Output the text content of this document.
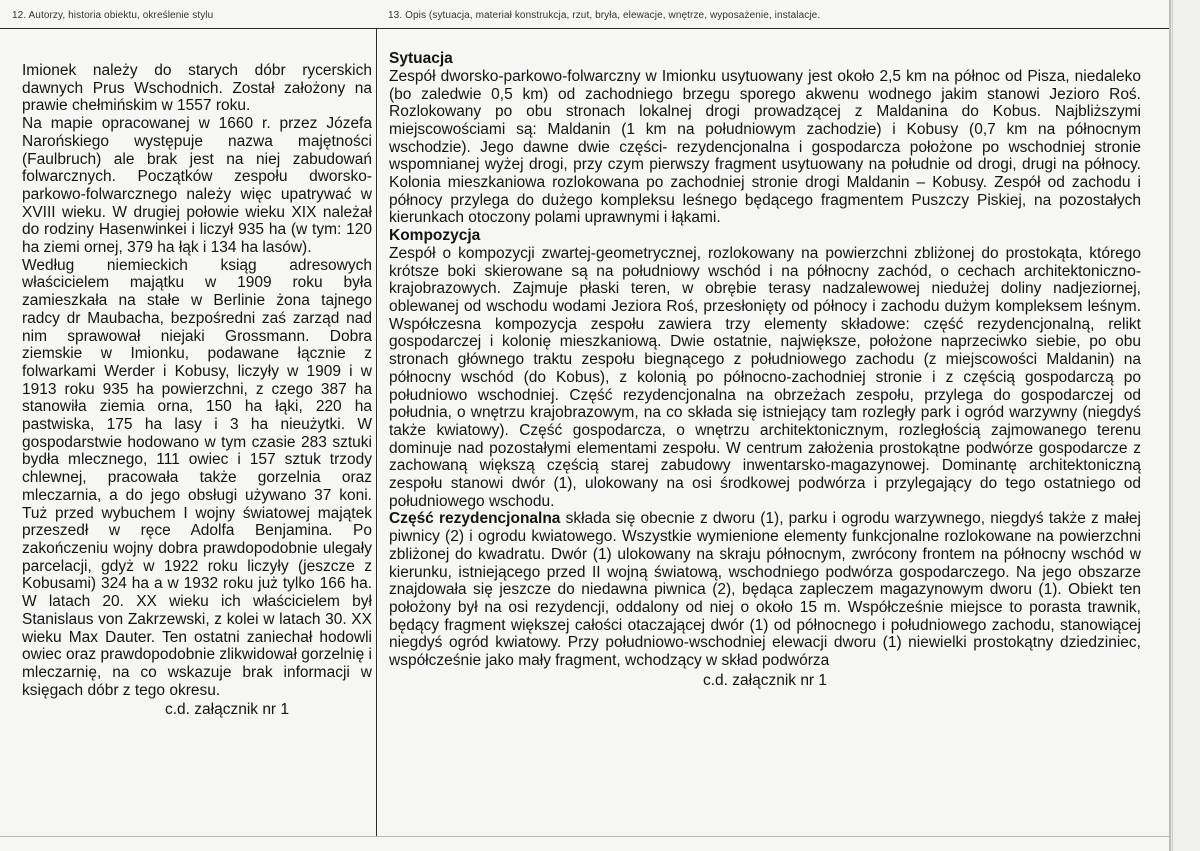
12. Autorzy, historia obiektu, określenie stylu	13. Opis (sytuacja, materiał konstrukcja, rzut, bryła, elewacje, wnętrze, wyposażenie, instalacje.

Imionek należy do starych dóbr rycerskich dawnych Prus Wschodnich. Został założony na prawie chełmińskim w 1557 roku.

Na mapie opracowanej w 1660 r. przez Józefa Narońskiego występuje nazwa majętności (Faulbruch) ale brak jest na niej zabudowań folwarcznych. Początków zespołu dworsko-parkowo-folwarcznego należy więc upatrywać w XVIII wieku. W drugiej połowie wieku XIX należał do rodziny Hasenwinkei i liczył 935 ha (w tym: 120 ha ziemi ornej, 379 ha łąk i 134 ha lasów).

Według niemieckich ksiąg adresowych właścicielem majątku w 1909 roku była zamieszkała na stałe w Berlinie żona tajnego radcy dr Maubacha, bezpośredni zaś zarząd nad nim sprawował niejaki Grossmann. Dobra ziemskie w Imionku, podawane łącznie z folwarkami Werder i Kobusy, liczyły w 1909 i w 1913 roku 935 ha powierzchni, z czego 387 ha stanowiła ziemia orna, 150 ha łąki, 220 ha pastwiska, 175 ha lasy i 3 ha nieużytki. W gospodarstwie hodowano w tym czasie 283 sztuki bydła mlecznego, 111 owiec i 157 sztuk trzody chlewnej, pracowała także gorzelnia oraz mleczarnia, a do jego obsługi używano 37 koni. Tuż przed wybuchem I wojny światowej majątek przeszedł w ręce Adolfa Benjamina. Po zakończeniu wojny dobra prawdopodobnie ulegały parcelacji, gdyż w 1922 roku liczyły (jeszcze z Kobusami) 324 ha a w 1932 roku już tylko 166 ha. W latach 20. XX wieku ich właścicielem był Stanislaus von Zakrzewski, z kolei w latach 30. XX wieku Max Dauter. Ten ostatni zaniechał hodowli owiec oraz prawdopodobnie zlikwidował gorzelnię i mleczarnię, na co wskazuje brak informacji w księgach dóbr z tego okresu.

c.d. załącznik nr 1
Sytuacja

Zespół dworsko-parkowo-folwarczny w Imionku usytuowany jest około 2,5 km na północ od Pisza, niedaleko (bo zaledwie 0,5 km) od zachodniego brzegu sporego akwenu wodnego jakim stanowi Jezioro Roś. Rozlokowany po obu stronach lokalnej drogi prowadzącej z Maldanina do Kobus. Najbliższymi miejscowościami są: Maldanin (1 km na południowym zachodzie) i Kobusy (0,7 km na północnym wschodzie). Jego dawne dwie części- rezydencjonalna i gospodarcza położone po wschodniej stronie wspomnianej wyżej drogi, przy czym pierwszy fragment usytuowany na południe od drogi, drugi na północy. Kolonia mieszkaniowa rozlokowana po zachodniej stronie drogi Maldanin – Kobusy. Zespół od zachodu i północy przylega do dużego kompleksu leśnego będącego fragmentem Puszczy Piskiej, na pozostałych kierunkach otoczony polami uprawnymi i łąkami.

Kompozycja

Zespół o kompozycji zwartej-geometrycznej, rozlokowany na powierzchni zbliżonej do prostokąta, którego krótsze boki skierowane są na południowy wschód i na północny zachód, o cechach architektoniczno-krajobrazowych. Zajmuje płaski teren, w obrębie terasy nadzalewowej niedużej doliny nadjeziornej, oblewanej od wschodu wodami Jeziora Roś, przesłonięty od północy i zachodu dużym kompleksem leśnym. Współczesna kompozycja zespołu zawiera trzy elementy składowe: część rezydencjonalną, relikt gospodarczej i kolonię mieszkaniową. Dwie ostatnie, największe, położone naprzeciwko siebie, po obu stronach głównego traktu zespołu biegnącego z południowego zachodu (z miejscowości Maldanin) na północny wschód (do Kobus), z kolonią po północno-zachodniej stronie i z częścią gospodarczą po południowo wschodniej. Część rezydencjonalna na obrzeżach zespołu, przylega do gospodarczej od południa, o wnętrzu krajobrazowym, na co składa się istniejący tam rozległy park i ogród warzywny (niegdyś także kwiatowy). Część gospodarcza, o wnętrzu architektonicznym, rozległością zajmowanego terenu dominuje nad pozostałymi elementami zespołu. W centrum założenia prostokątne podwórze gospodarcze z zachowaną większą częścią starej zabudowy inwentarsko-magazynowej. Dominantę architektoniczną zespołu stanowi dwór (1), ulokowany na osi środkowej podwórza i przylegający do tego ostatniego od południowego wschodu.

Część rezydencjonalna składa się obecnie z dworu (1), parku i ogrodu warzywnego, niegdyś także z małej piwnicy (2) i ogrodu kwiatowego. Wszystkie wymienione elementy funkcjonalne rozlokowane na powierzchni zbliżonej do kwadratu. Dwór (1) ulokowany na skraju północnym, zwrócony frontem na północny wschód w kierunku, istniejącego przed II wojną światową, wschodniego podwórza gospodarczego. Na jego obszarze znajdowała się jeszcze do niedawna piwnica (2), będąca zapleczem magazynowym dworu (1). Obiekt ten położony był na osi rezydencji, oddalony od niej o około 15 m. Współcześnie miejsce to porasta trawnik, będący fragment większej całości otaczającej dwór (1) od północnego i południowego zachodu, stanowiącej niegdyś ogród kwiatowy. Przy południowo-wschodniej elewacji dworu (1) niewielki prostokątny dziedziniec, współcześnie jako mały fragment, wchodzący w skład podwórza

c.d. załącznik nr 1
